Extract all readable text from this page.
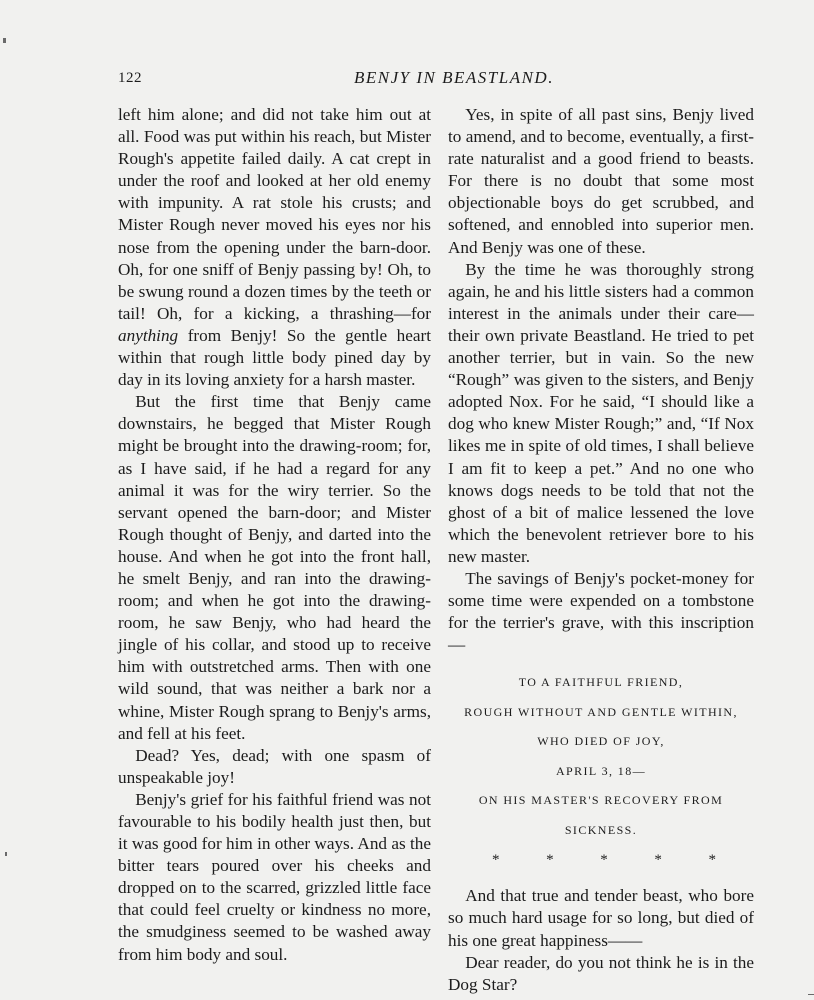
122	BENJY IN BEASTLAND.

left him alone; and did not take him out at all. Food was put within his reach, but Mister Rough's appetite failed daily. A cat crept in under the roof and looked at her old enemy with impunity. A rat stole his crusts; and Mister Rough never moved his eyes nor his nose from the opening under the barn-door. Oh, for one sniff of Benjy passing by! Oh, to be swung round a dozen times by the teeth or tail! Oh, for a kicking, a thrashing—for anything from Benjy! So the gentle heart within that rough little body pined day by day in its loving anxiety for a harsh master.

But the first time that Benjy came downstairs, he begged that Mister Rough might be brought into the drawing-room; for, as I have said, if he had a regard for any animal it was for the wiry terrier. So the servant opened the barn-door; and Mister Rough thought of Benjy, and darted into the house. And when he got into the front hall, he smelt Benjy, and ran into the drawing-room; and when he got into the drawing-room, he saw Benjy, who had heard the jingle of his collar, and stood up to receive him with outstretched arms. Then with one wild sound, that was neither a bark nor a whine, Mister Rough sprang to Benjy's arms, and fell at his feet.

Dead? Yes, dead; with one spasm of unspeakable joy!

Benjy's grief for his faithful friend was not favourable to his bodily health just then, but it was good for him in other ways. And as the bitter tears poured over his cheeks and dropped on to the scarred, grizzled little face that could feel cruelty or kindness no more, the smudginess seemed to be washed away from him body and soul.

Yes, in spite of all past sins, Benjy lived to amend, and to become, eventually, a first-rate naturalist and a good friend to beasts. For there is no doubt that some most objectionable boys do get scrubbed, and softened, and ennobled into superior men. And Benjy was one of these.

By the time he was thoroughly strong again, he and his little sisters had a common interest in the animals under their care—their own private Beastland. He tried to pet another terrier, but in vain. So the new “Rough” was given to the sisters, and Benjy adopted Nox. For he said, “I should like a dog who knew Mister Rough;” and, “If Nox likes me in spite of old times, I shall believe I am fit to keep a pet.” And no one who knows dogs needs to be told that not the ghost of a bit of malice lessened the love which the benevolent retriever bore to his new master.

The savings of Benjy's pocket-money for some time were expended on a tombstone for the terrier's grave, with this inscription—

TO A FAITHFUL FRIEND,
ROUGH WITHOUT AND GENTLE WITHIN,
WHO DIED OF JOY,
APRIL 3, 18—
ON HIS MASTER'S RECOVERY FROM
SICKNESS.
*	*	*	*	*

And that true and tender beast, who bore so much hard usage for so long, but died of his one great happiness——

Dear reader, do you not think he is in the Dog Star?
